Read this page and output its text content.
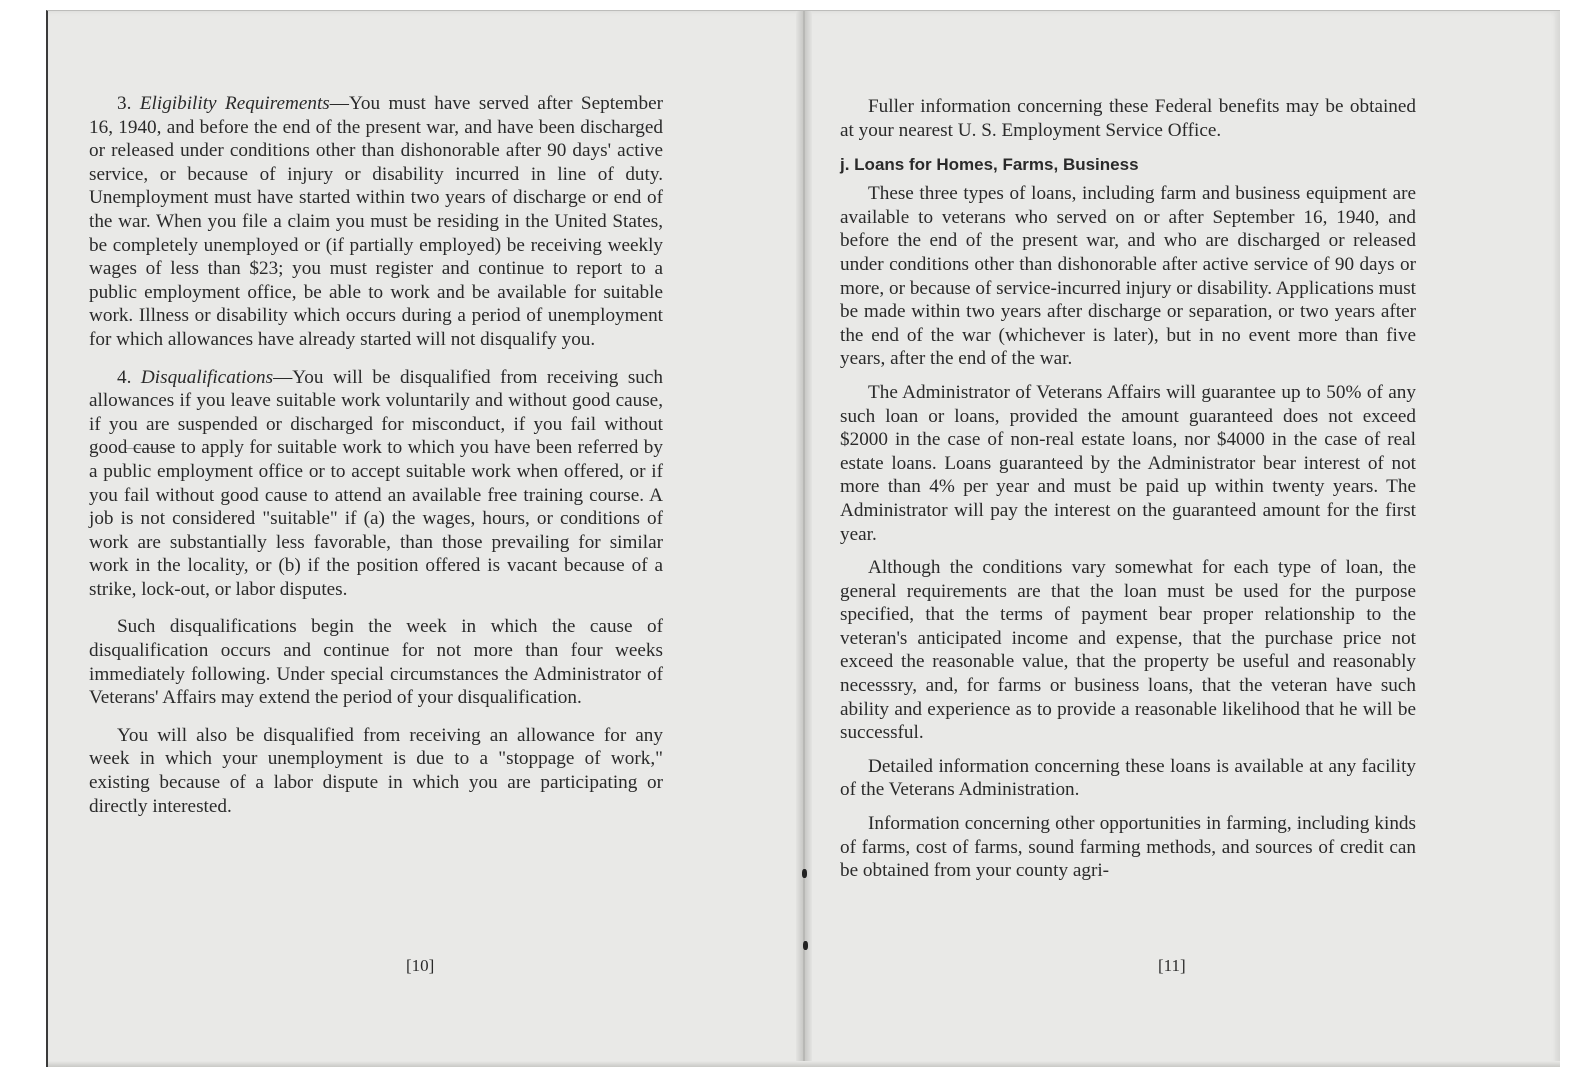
3. Eligibility Requirements—You must have served after September 16, 1940, and before the end of the present war, and have been discharged or released under conditions other than dishonorable after 90 days' active service, or because of injury or disability incurred in line of duty. Unemployment must have started within two years of discharge or end of the war. When you file a claim you must be residing in the United States, be completely unemployed or (if partially employed) be receiving weekly wages of less than $23; you must register and continue to report to a public employment office, be able to work and be available for suitable work. Illness or disability which occurs during a period of unemployment for which allowances have already started will not disqualify you.

4. Disqualifications—You will be disqualified from receiving such allowances if you leave suitable work voluntarily and without good cause, if you are suspended or discharged for misconduct, if you fail without good cause to apply for suitable work to which you have been referred by a public employment office or to accept suitable work when offered, or if you fail without good cause to attend an available free training course. A job is not considered "suitable" if (a) the wages, hours, or conditions of work are substantially less favorable, than those prevailing for similar work in the locality, or (b) if the position offered is vacant because of a strike, lock-out, or labor disputes.

Such disqualifications begin the week in which the cause of disqualification occurs and continue for not more than four weeks immediately following. Under special circumstances the Administrator of Veterans' Affairs may extend the period of your disqualification.

You will also be disqualified from receiving an allowance for any week in which your unemployment is due to a "stoppage of work," existing because of a labor dispute in which you are participating or directly interested.

[10]

Fuller information concerning these Federal benefits may be obtained at your nearest U. S. Employment Service Office.

j. Loans for Homes, Farms, Business

These three types of loans, including farm and business equipment are available to veterans who served on or after September 16, 1940, and before the end of the present war, and who are discharged or released under conditions other than dishonorable after active service of 90 days or more, or because of service-incurred injury or disability. Applications must be made within two years after discharge or separation, or two years after the end of the war (whichever is later), but in no event more than five years, after the end of the war.

The Administrator of Veterans Affairs will guarantee up to 50% of any such loan or loans, provided the amount guaranteed does not exceed $2000 in the case of non-real estate loans, nor $4000 in the case of real estate loans. Loans guaranteed by the Administrator bear interest of not more than 4% per year and must be paid up within twenty years. The Administrator will pay the interest on the guaranteed amount for the first year.

Although the conditions vary somewhat for each type of loan, the general requirements are that the loan must be used for the purpose specified, that the terms of payment bear proper relationship to the veteran's anticipated income and expense, that the purchase price not exceed the reasonable value, that the property be useful and reasonably necesssry, and, for farms or business loans, that the veteran have such ability and experience as to provide a reasonable likelihood that he will be successful.

Detailed information concerning these loans is available at any facility of the Veterans Administration.

Information concerning other opportunities in farming, including kinds of farms, cost of farms, sound farming methods, and sources of credit can be obtained from your county agri-

[11]
